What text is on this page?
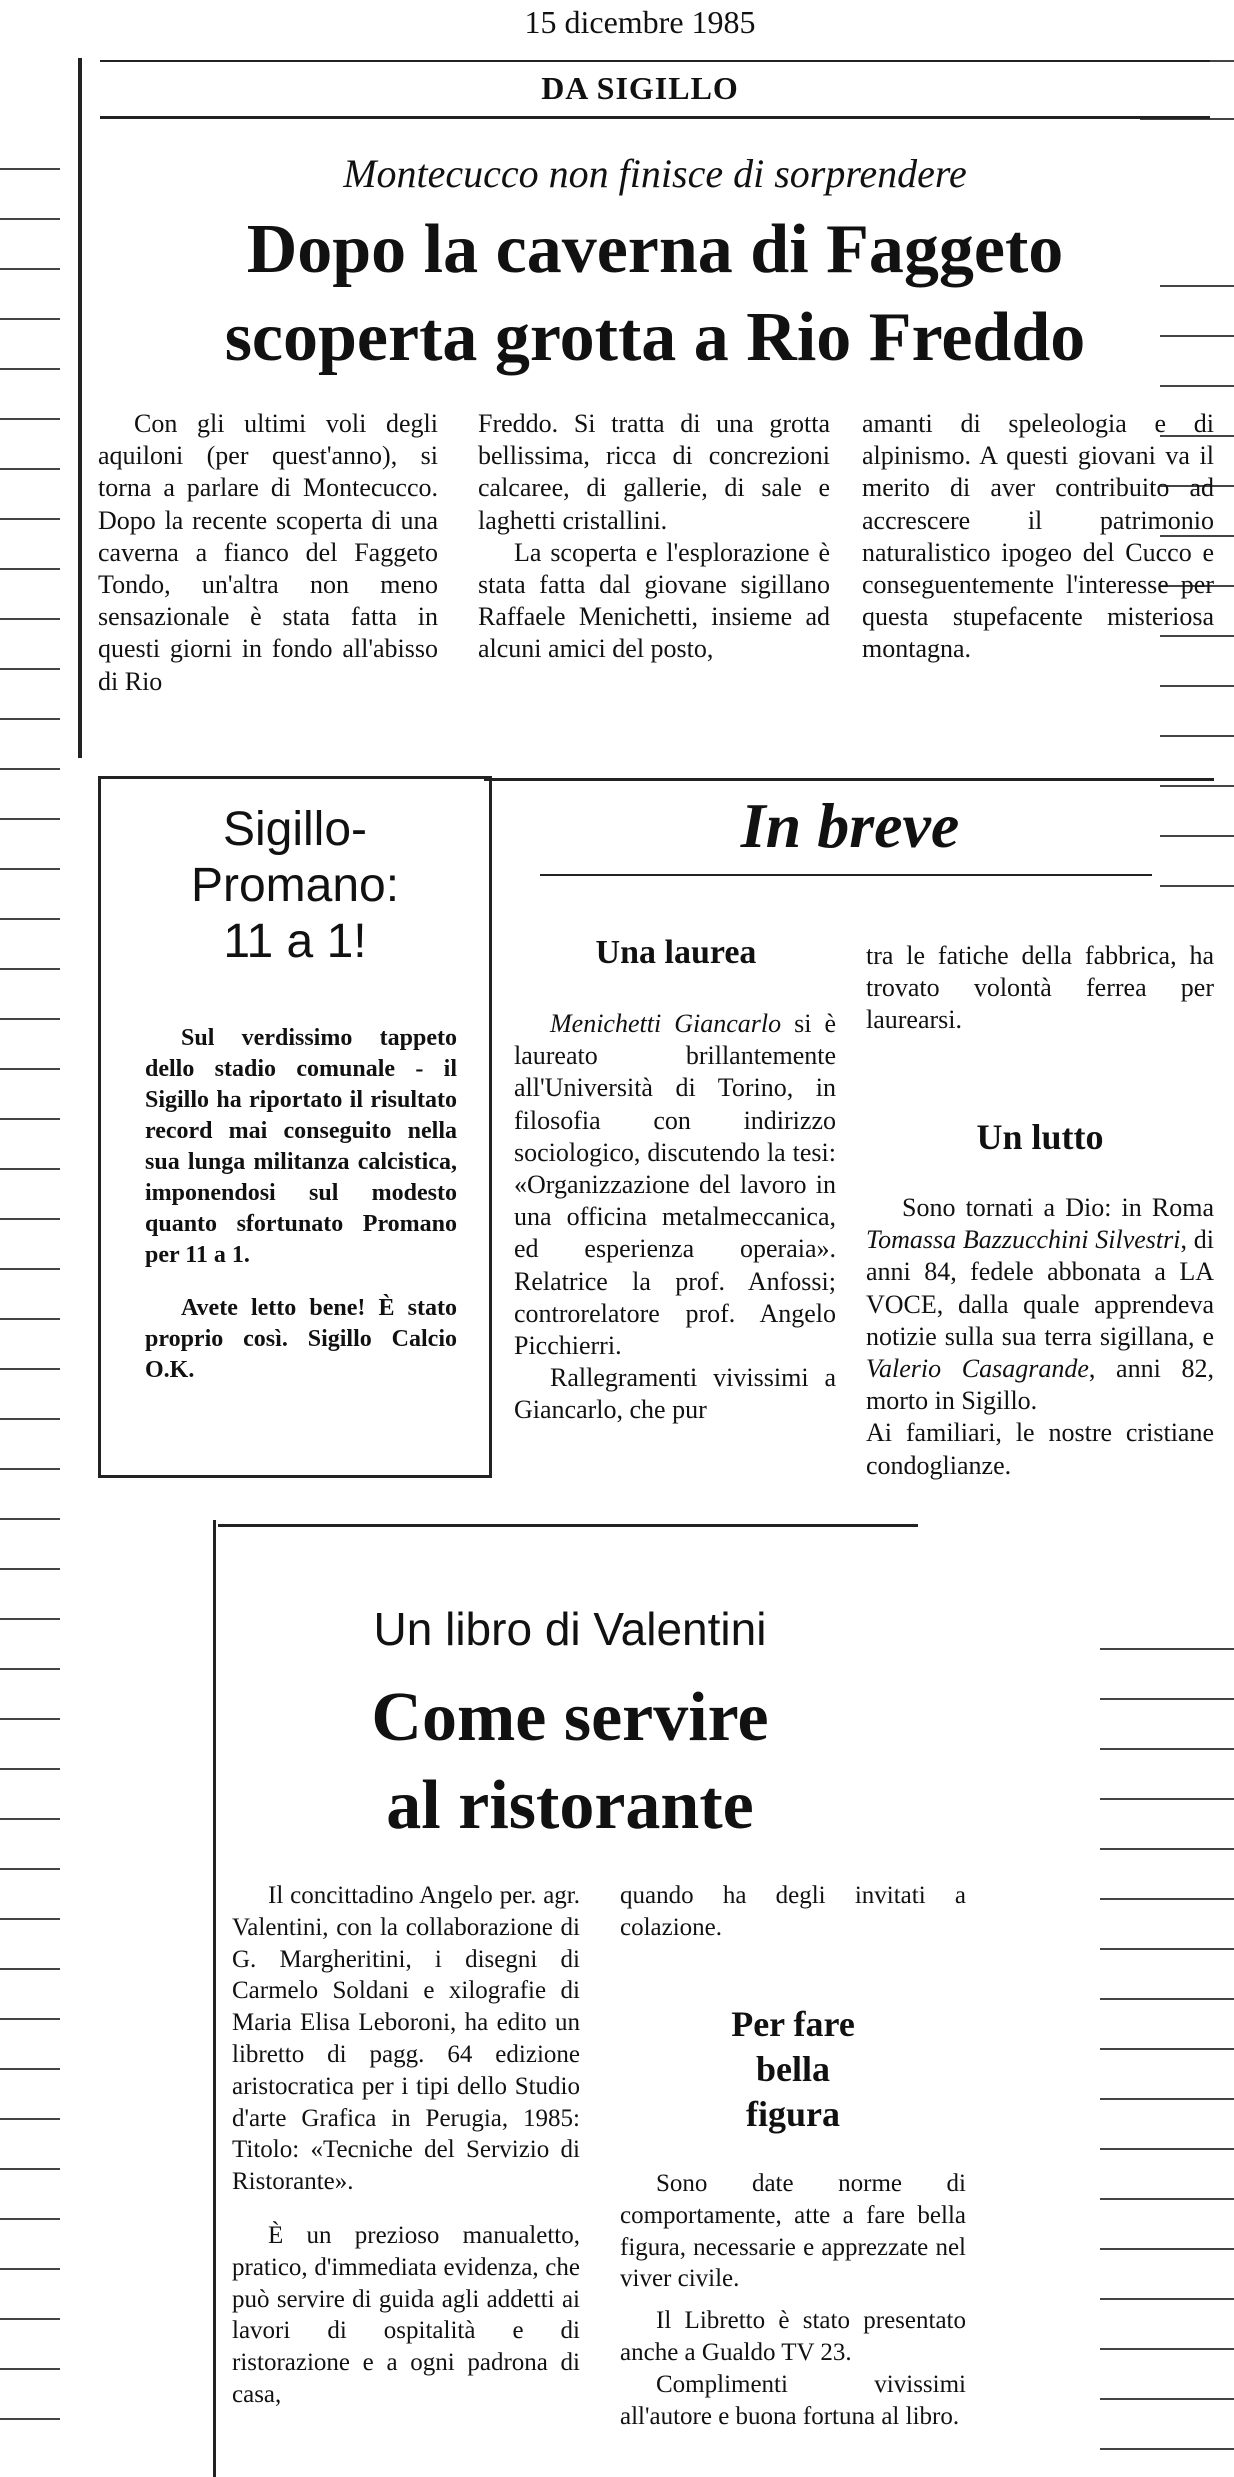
15 dicembre 1985
DA SIGILLO
Montecucco non finisce di sorprendere
Dopo la caverna di Faggeto
scoperta grotta a Rio Freddo

Con gli ultimi voli degli aquiloni (per quest'anno), si torna a parlare di Montecucco. Dopo la recente scoperta di una caverna a fianco del Faggeto Tondo, un'altra non meno sensazionale è stata fatta in questi giorni in fondo all'abisso di Rio

Freddo. Si tratta di una grotta bellissima, ricca di concrezioni calcaree, di gallerie, di sale e laghetti cristallini.

La scoperta e l'esplorazione è stata fatta dal giovane sigillano Raffaele Menichetti, insieme ad alcuni amici del posto,

amanti di speleologia e di alpinismo. A questi giovani va il merito di aver contribuito ad accrescere il patrimonio naturalistico ipogeo del Cucco e conseguentemente l'interesse per questa stupefacente misteriosa montagna.

Sigillo-
Promano:
11 a 1!

Sul verdissimo tappeto dello stadio comunale - il Sigillo ha riportato il risultato record mai conseguito nella sua lunga militanza calcistica, imponendosi sul modesto quanto sfortunato Promano per 11 a 1.

Avete letto bene! È stato proprio così. Sigillo Calcio O.K.

In breve
Una laurea

Menichetti Giancarlo si è laureato brillantemente all'Università di Torino, in filosofia con indirizzo sociologico, discutendo la tesi: «Organizzazione del lavoro in una officina metalmeccanica, ed esperienza operaia». Relatrice la prof. Anfossi; controrelatore prof. Angelo Picchierri.

Rallegramenti vivissimi a Giancarlo, che pur

tra le fatiche della fabbrica, ha trovato volontà ferrea per laurearsi.

Un lutto

Sono tornati a Dio: in Roma Tomassa Bazzucchini Silvestri, di anni 84, fedele abbonata a LA VOCE, dalla quale apprendeva notizie sulla sua terra sigillana, e Valerio Casagrande, anni 82, morto in Sigillo.

Ai familiari, le nostre cristiane condoglianze.

Un libro di Valentini
Come servire
al ristorante

Il concittadino Angelo per. agr. Valentini, con la collaborazione di G. Margheritini, i disegni di Carmelo Soldani e xilografie di Maria Elisa Leboroni, ha edito un libretto di pagg. 64 edizione aristocratica per i tipi dello Studio d'arte Grafica in Perugia, 1985: Titolo: «Tecniche del Servizio di Ristorante».

È un prezioso manualetto, pratico, d'immediata evidenza, che può servire di guida agli addetti ai lavori di ospitalità e di ristorazione e a ogni padrona di casa,

quando ha degli invitati a colazione.

Per fare
bella
figura

Sono date norme di comportamente, atte a fare bella figura, necessarie e apprezzate nel viver civile.

Il Libretto è stato presentato anche a Gualdo TV 23.

Complimenti vivissimi all'autore e buona fortuna al libro.
